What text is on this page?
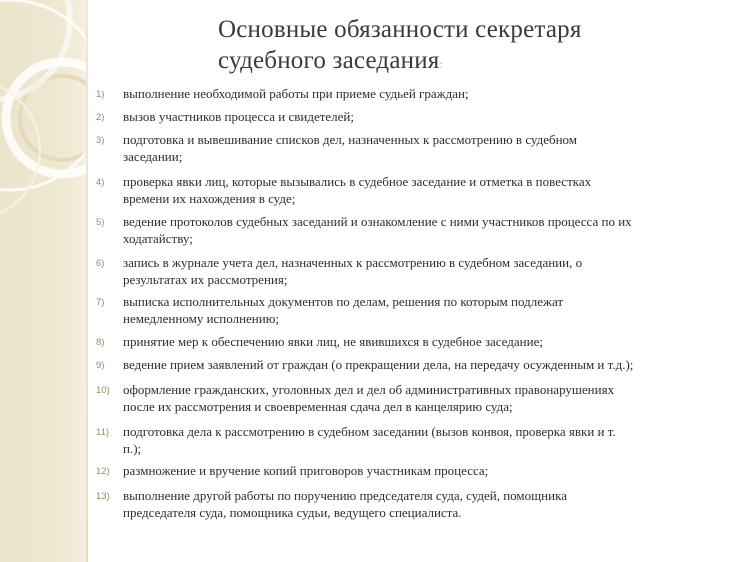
Основные обязанности секретаря
судебного заседания:
1)	выполнение необходимой работы при приеме судьей граждан;
2)	вызов участников процесса и свидетелей;
3)	подготовка и вывешивание списков дел, назначенных к рассмотрению в судебном
заседании;
4)	проверка явки лиц, которые вызывались в судебное заседание и отметка в повестках
времени их нахождения в суде;
5)	ведение протоколов судебных заседаний и ознакомление с ними участников процесса по их
ходатайству;
6)	запись в журнале учета дел, назначенных к рассмотрению в судебном заседании, о
результатах их рассмотрения;
7)	выписка исполнительных документов по делам, решения по которым подлежат
немедленному исполнению;
8)	принятие мер к обеспечению явки лиц, не явившихся в судебное заседание;
9)	ведение прием заявлений от граждан (о прекращении дела, на передачу осужденным и т.д.);
10)	оформление гражданских, уголовных дел и дел об административных правонарушениях
после их рассмотрения и своевременная сдача дел в канцелярию суда;
11)	подготовка дела к рассмотрению в судебном заседании (вызов конвоя, проверка явки и т.
п.);
12)	размножение и вручение копий приговоров участникам процесса;
13)	выполнение другой работы по поручению председателя суда, судей, помощника
председателя суда, помощника судьи, ведущего специалиста.
